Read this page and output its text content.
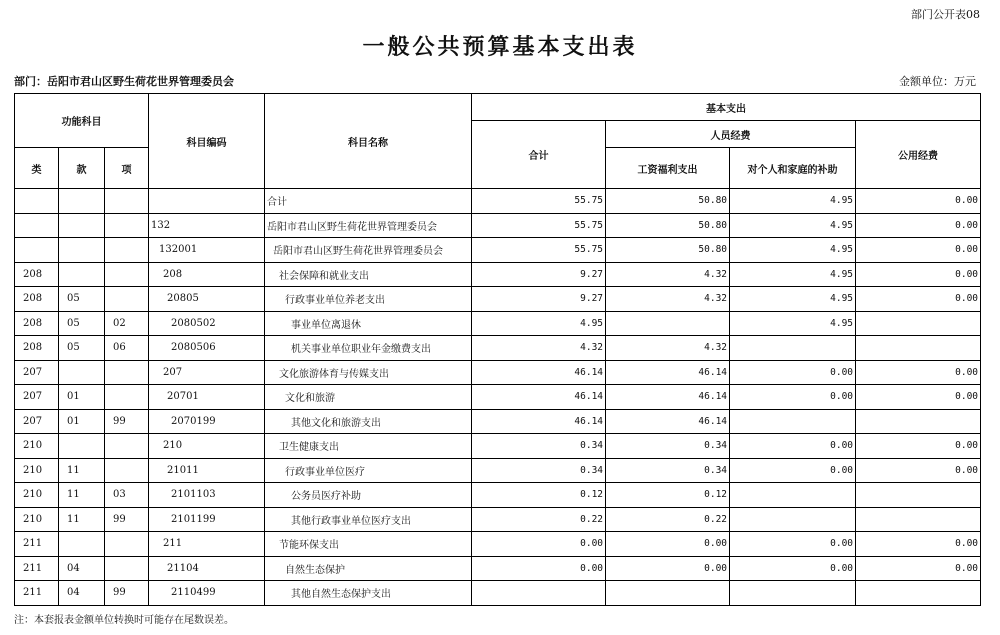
部门公开表08
一般公共预算基本支出表
部门：岳阳市君山区野生荷花世界管理委员会	金额单位：万元
功能科目			科目编码	科目名称	基本支出			
					合计	人员经费		公用经费
类	款	项				工资福利支出	对个人和家庭的补助	
				合计	55.75	50.80	4.95	0.00
			132	岳阳市君山区野生荷花世界管理委员会	55.75	50.80	4.95	0.00
			132001	岳阳市君山区野生荷花世界管理委员会	55.75	50.80	4.95	0.00
208			208	社会保障和就业支出	9.27	4.32	4.95	0.00
208	05		20805	行政事业单位养老支出	9.27	4.32	4.95	0.00
208	05	02	2080502	事业单位离退休	4.95		4.95	
208	05	06	2080506	机关事业单位职业年金缴费支出	4.32	4.32		
207			207	文化旅游体育与传媒支出	46.14	46.14	0.00	0.00
207	01		20701	文化和旅游	46.14	46.14	0.00	0.00
207	01	99	2070199	其他文化和旅游支出	46.14	46.14		
210			210	卫生健康支出	0.34	0.34	0.00	0.00
210	11		21011	行政事业单位医疗	0.34	0.34	0.00	0.00
210	11	03	2101103	公务员医疗补助	0.12	0.12		
210	11	99	2101199	其他行政事业单位医疗支出	0.22	0.22		
211			211	节能环保支出	0.00	0.00	0.00	0.00
211	04		21104	自然生态保护	0.00	0.00	0.00	0.00
211	04	99	2110499	其他自然生态保护支出				
注：本套报表金额单位转换时可能存在尾数误差。
